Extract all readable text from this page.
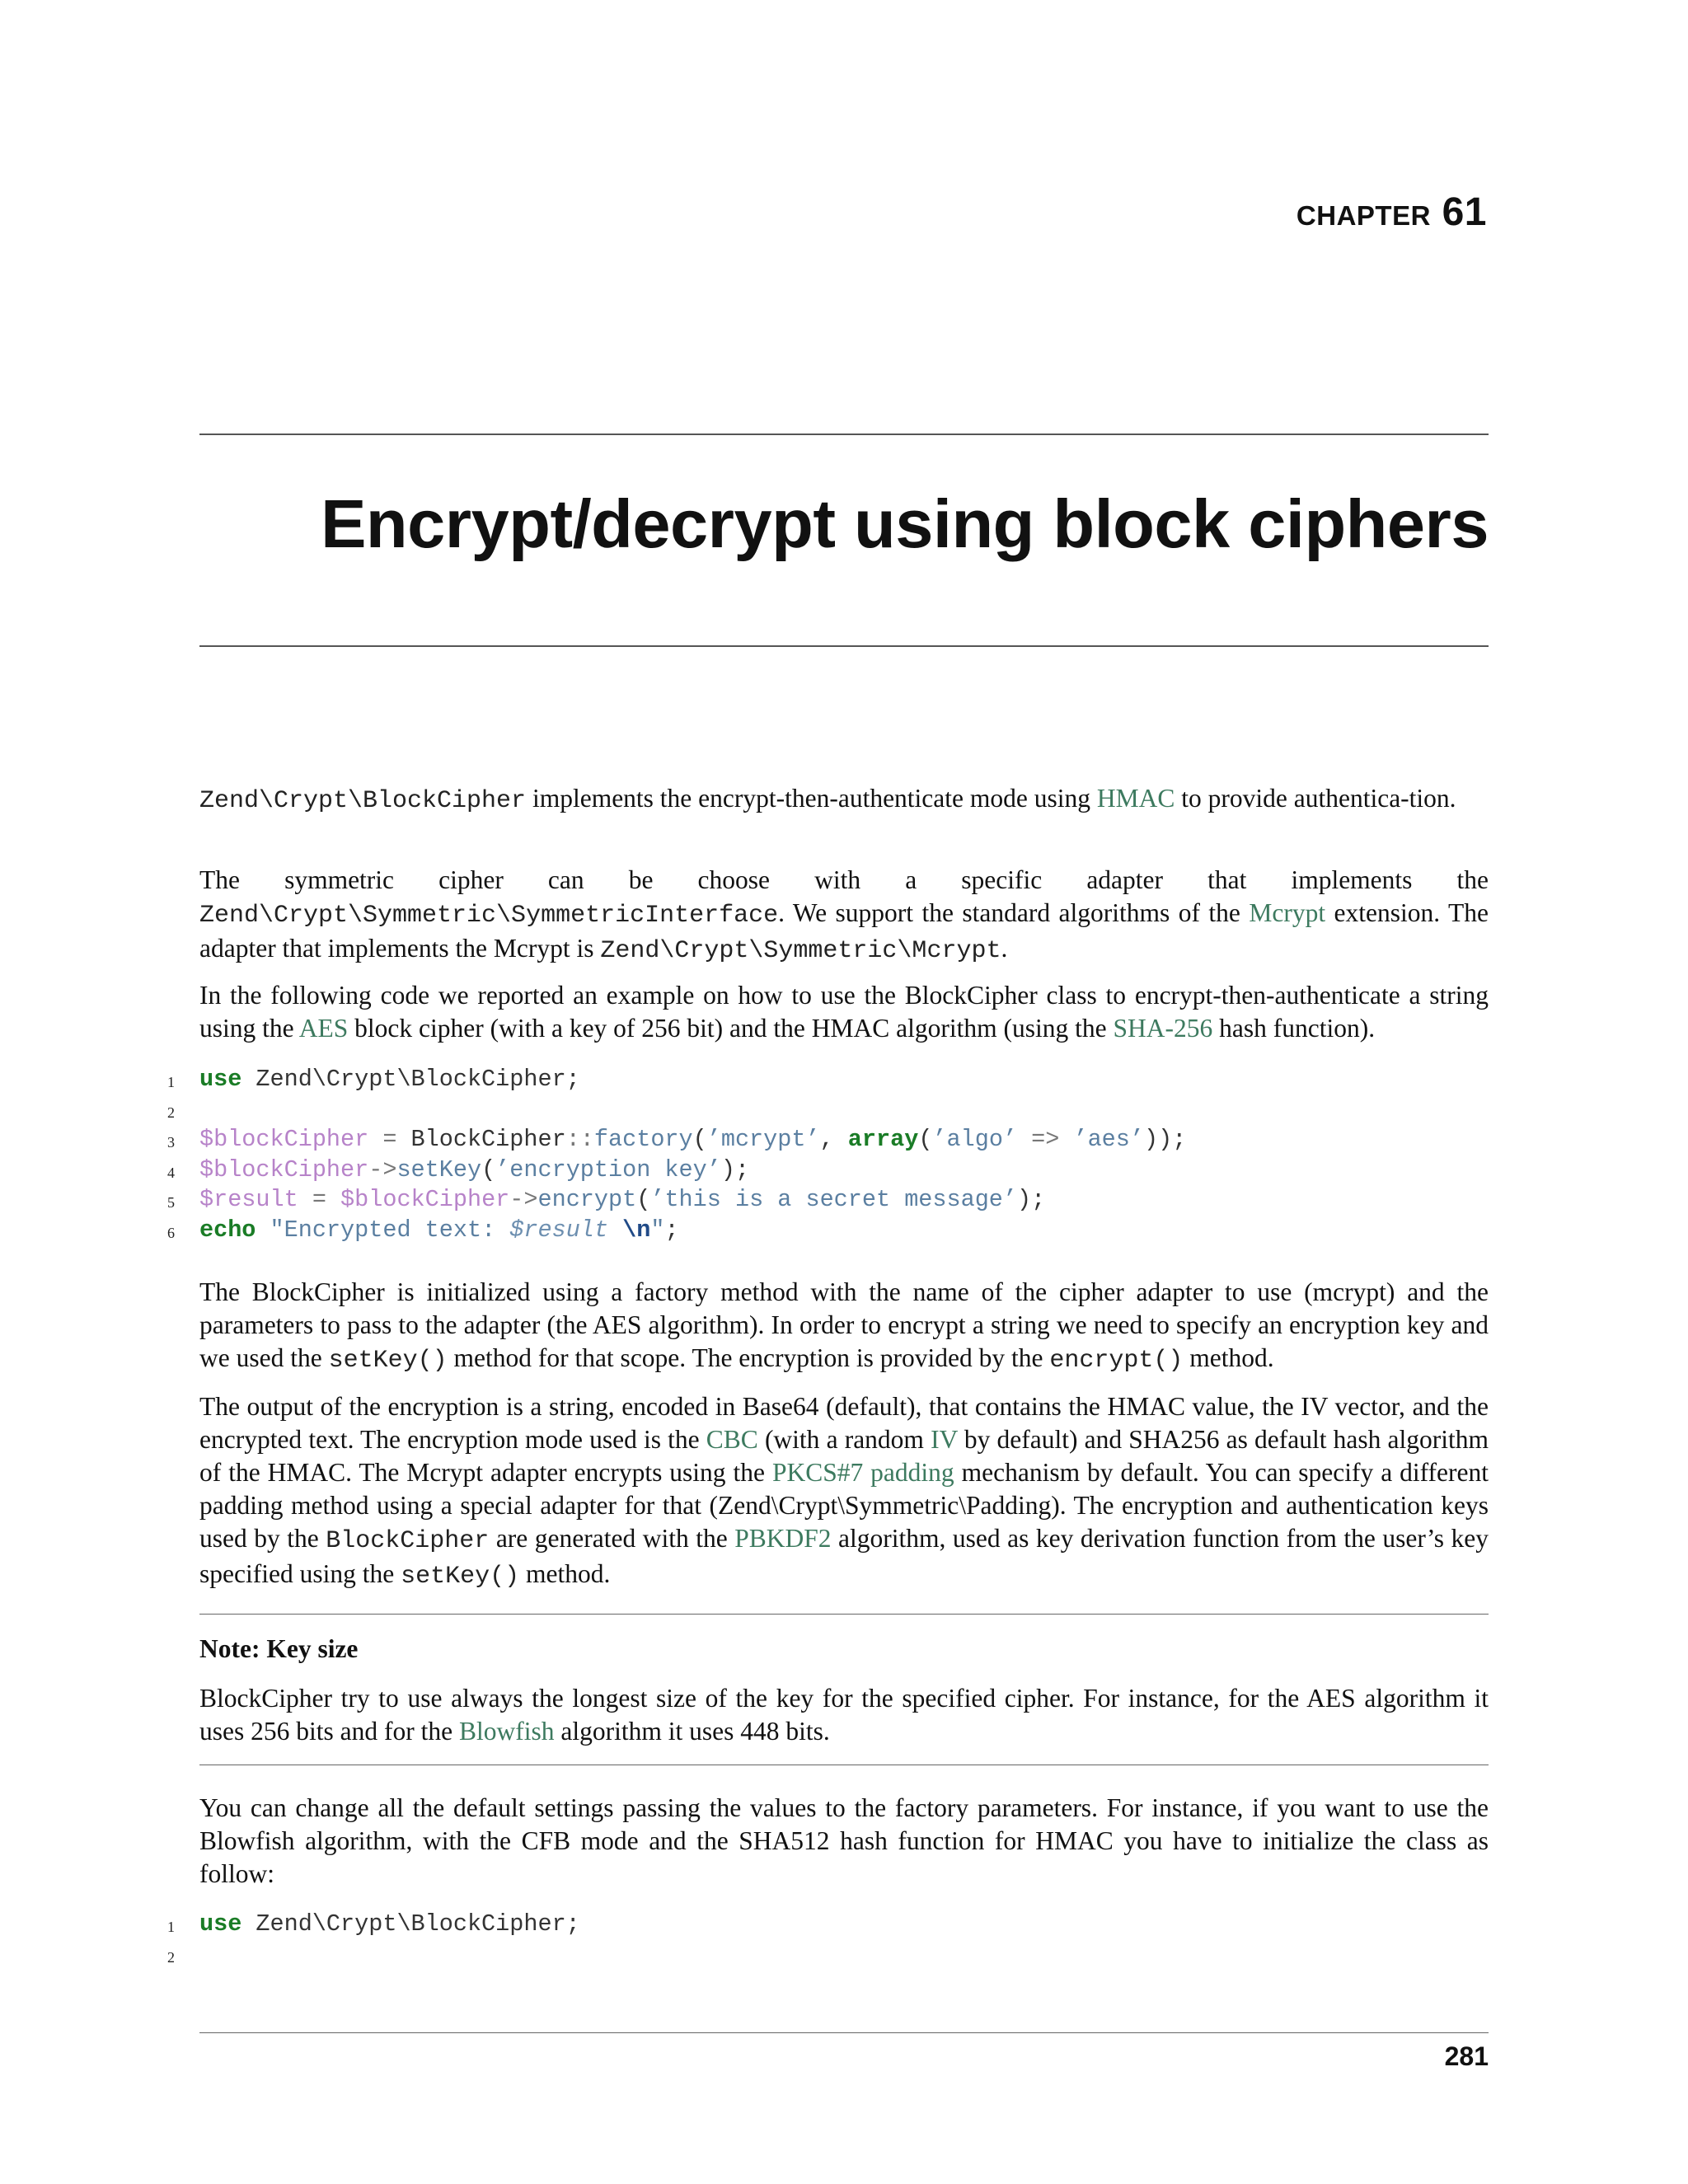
CHAPTER 61
Encrypt/decrypt using block ciphers

Zend\Crypt\BlockCipher implements the encrypt-then-authenticate mode using HMAC to provide authentica-tion.

The symmetric cipher can be choose with a specific adapter that implements the Zend\Crypt\Symmetric\SymmetricInterface. We support the standard algorithms of the Mcrypt extension. The adapter that implements the Mcrypt is Zend\Crypt\Symmetric\Mcrypt.

In the following code we reported an example on how to use the BlockCipher class to encrypt-then-authenticate a string using the AES block cipher (with a key of 256 bit) and the HMAC algorithm (using the SHA-256 hash function).

1 use Zend\Crypt\BlockCipher;
2
3 $blockCipher = BlockCipher::factory(’mcrypt’, array(’algo’ => ’aes’));
4 $blockCipher->setKey(’encryption key’);
5 $result = $blockCipher->encrypt(’this is a secret message’);
6 echo "Encrypted text: $result \n";

The BlockCipher is initialized using a factory method with the name of the cipher adapter to use (mcrypt) and the parameters to pass to the adapter (the AES algorithm). In order to encrypt a string we need to specify an encryption key and we used the setKey() method for that scope. The encryption is provided by the encrypt() method.

The output of the encryption is a string, encoded in Base64 (default), that contains the HMAC value, the IV vector, and the encrypted text. The encryption mode used is the CBC (with a random IV by default) and SHA256 as default hash algorithm of the HMAC. The Mcrypt adapter encrypts using the PKCS#7 padding mechanism by default. You can specify a different padding method using a special adapter for that (Zend\Crypt\Symmetric\Padding). The encryption and authentication keys used by the BlockCipher are generated with the PBKDF2 algorithm, used as key derivation function from the user’s key specified using the setKey() method.

Note: Key size

BlockCipher try to use always the longest size of the key for the specified cipher. For instance, for the AES algorithm it uses 256 bits and for the Blowfish algorithm it uses 448 bits.

You can change all the default settings passing the values to the factory parameters. For instance, if you want to use the Blowfish algorithm, with the CFB mode and the SHA512 hash function for HMAC you have to initialize the class as follow:

1 use Zend\Crypt\BlockCipher;
2
281
